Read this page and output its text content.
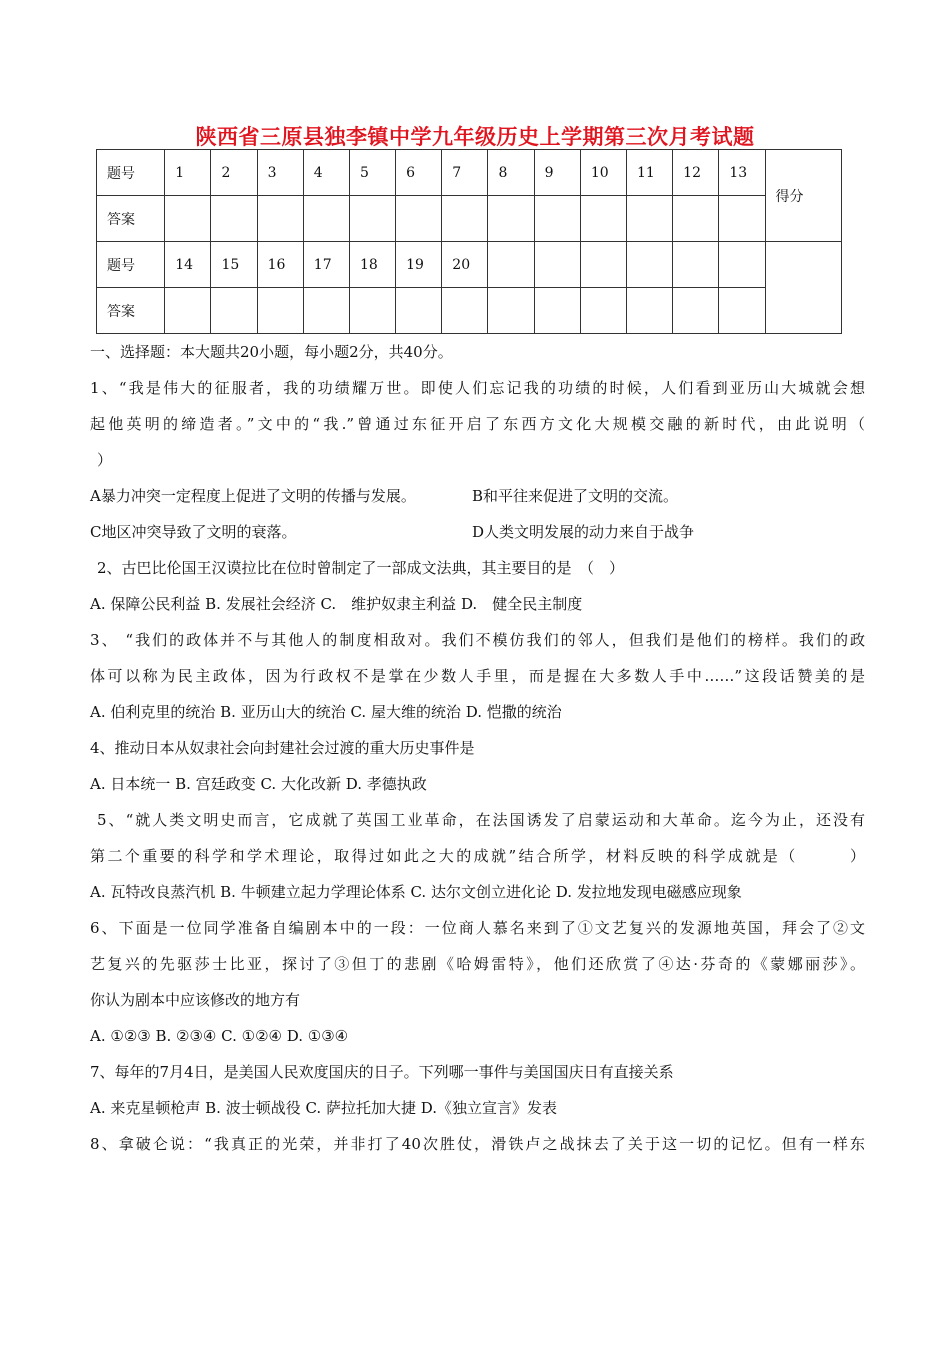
陕西省三原县独李镇中学九年级历史上学期第三次月考试题
题号	1	2	3	4	5	6	7	8	9	10	11	12	13	得分
答案														
题号	14	15	16	17	18	19	20							
答案														

一、选择题：本大题共20小题，每小题2分，共40分。

1、“我是伟大的征服者，我的功绩耀万世。即使人们忘记我的功绩的时候，人们看到亚历山大城就会想

起他英明的缔造者。”文中的“我.”曾通过东征开启了东西方文化大规模交融的新时代，由此说明（

）

A暴力冲突一定程度上促进了文明的传播与发展。	B和平往来促进了文明的交流。

C地区冲突导致了文明的衰落。	D人类文明发展的动力来自于战争

2、古巴比伦国王汉谟拉比在位时曾制定了一部成文法典，其主要目的是　（　）

A. 保障公民利益 B. 发展社会经济 C.　维护奴隶主利益 D.　健全民主制度

3、 “我们的政体并不与其他人的制度相敌对。我们不模仿我们的邻人，但我们是他们的榜样。我们的政

体可以称为民主政体，因为行政权不是掌在少数人手里，而是握在大多数人手中……”这段话赞美的是

A. 伯利克里的统治 B. 亚历山大的统治 C. 屋大维的统治 D. 恺撒的统治

4、推动日本从奴隶社会向封建社会过渡的重大历史事件是

A. 日本统一 B. 宫廷政变 C. 大化改新 D. 孝德执政

5、“就人类文明史而言，它成就了英国工业革命，在法国诱发了启蒙运动和大革命。迄今为止，还没有

第二个重要的科学和学术理论，取得过如此之大的成就”结合所学，材料反映的科学成就是（　　　）

A. 瓦特改良蒸汽机 B. 牛顿建立起力学理论体系 C. 达尔文创立进化论 D. 发拉地发现电磁感应现象

6、下面是一位同学准备自编剧本中的一段：一位商人慕名来到了①文艺复兴的发源地英国，拜会了②文

艺复兴的先驱莎士比亚，探讨了③但丁的悲剧《哈姆雷特》，他们还欣赏了④达·芬奇的《蒙娜丽莎》。

你认为剧本中应该修改的地方有

A. ①②③ B. ②③④ C. ①②④ D. ①③④

7、每年的7月4日，是美国人民欢度国庆的日子。下列哪一事件与美国国庆日有直接关系

A. 来克星顿枪声 B. 波士顿战役 C. 萨拉托加大捷 D.《独立宣言》发表

8、拿破仑说：“我真正的光荣，并非打了40次胜仗，滑铁卢之战抹去了关于这一切的记忆。但有一样东
